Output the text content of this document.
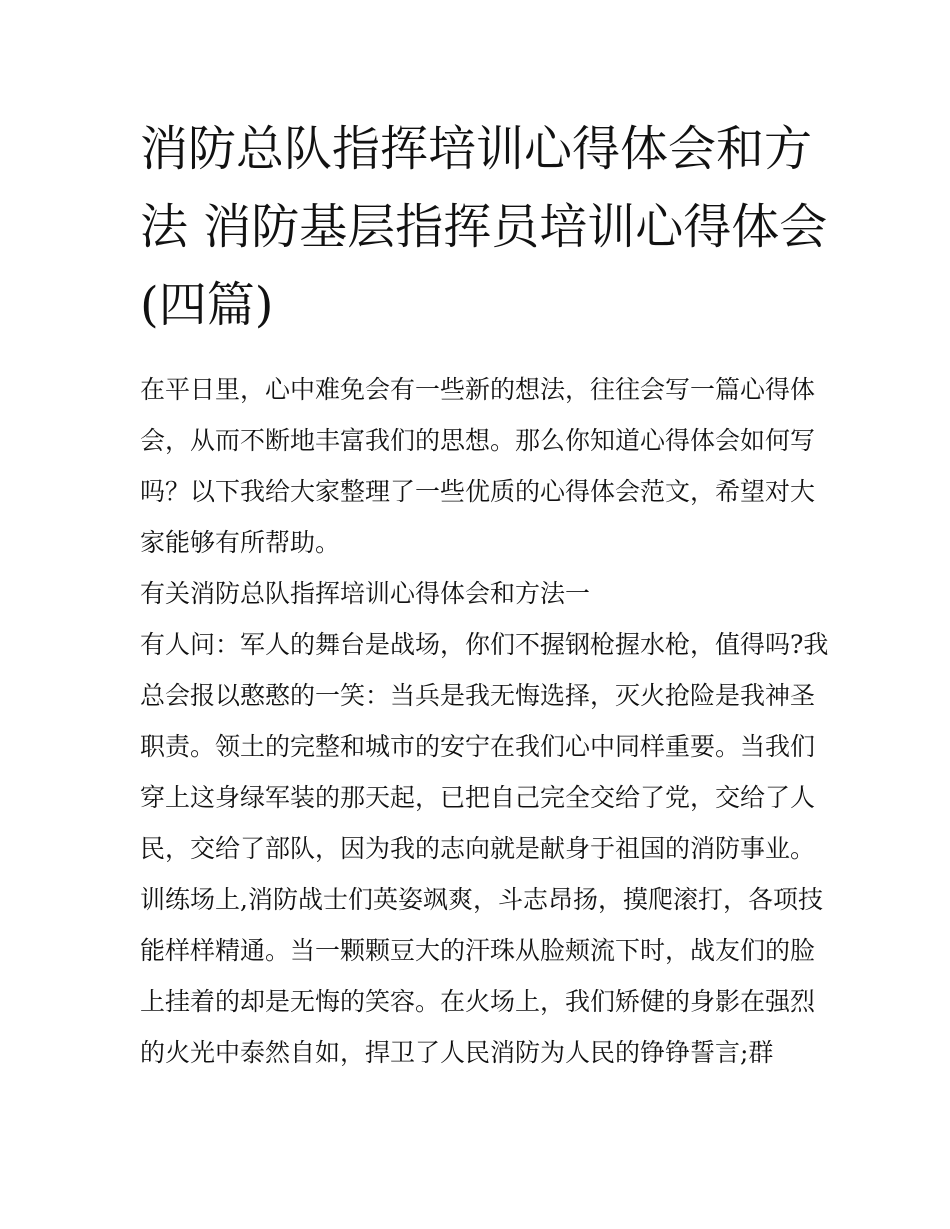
消防总队指挥培训心得体会和方法 消防基层指挥员培训心得体会(四篇)

在平日里，心中难免会有一些新的想法，往往会写一篇心得体会，从而不断地丰富我们的思想。那么你知道心得体会如何写吗？以下我给大家整理了一些优质的心得体会范文，希望对大家能够有所帮助。

有关消防总队指挥培训心得体会和方法一

有人问：军人的舞台是战场，你们不握钢枪握水枪，值得吗?我总会报以憨憨的一笑：当兵是我无悔选择，灭火抢险是我神圣职责。领土的完整和城市的安宁在我们心中同样重要。当我们穿上这身绿军装的那天起，已把自己完全交给了党，交给了人民，交给了部队，因为我的志向就是献身于祖国的消防事业。

训练场上,消防战士们英姿飒爽，斗志昂扬，摸爬滚打，各项技能样样精通。当一颗颗豆大的汗珠从脸颊流下时，战友们的脸上挂着的却是无悔的笑容。在火场上，我们矫健的身影在强烈的火光中泰然自如，捍卫了人民消防为人民的铮铮誓言;群
